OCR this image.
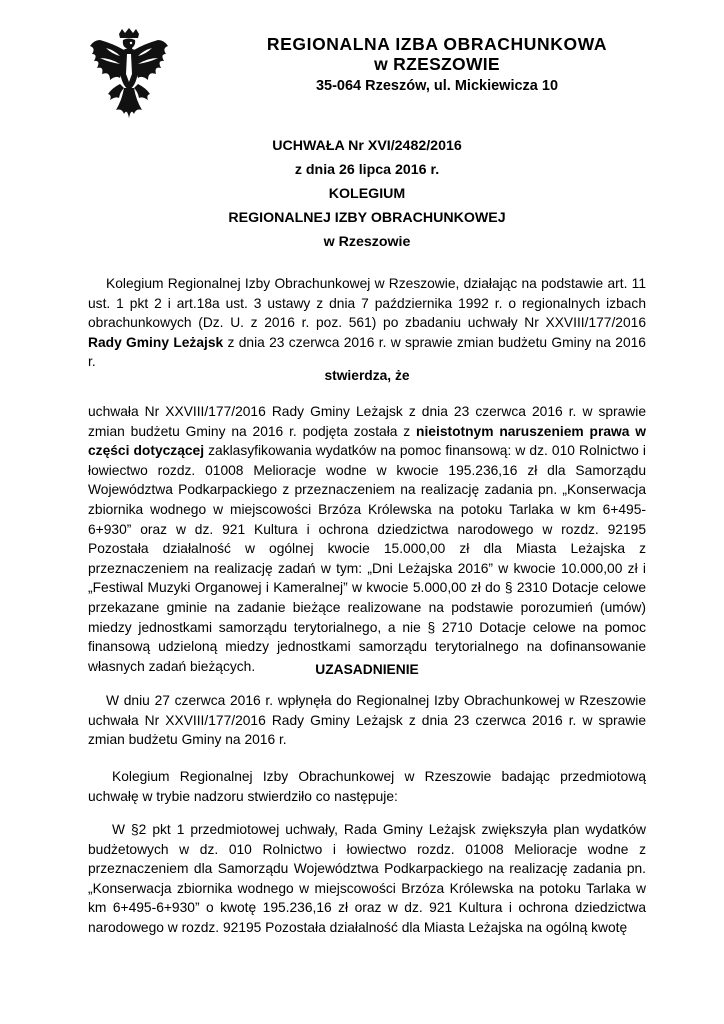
REGIONALNA IZBA OBRACHUNKOWA
w RZESZOWIE
35-064 Rzeszów, ul. Mickiewicza 10
UCHWAŁA Nr XVI/2482/2016
z dnia 26 lipca 2016 r.
KOLEGIUM
REGIONALNEJ IZBY OBRACHUNKOWEJ
w Rzeszowie
Kolegium Regionalnej Izby Obrachunkowej w Rzeszowie, działając na podstawie art. 11 ust. 1 pkt 2 i art.18a ust. 3 ustawy z dnia 7 października 1992 r. o regionalnych izbach obrachunkowych (Dz. U. z 2016 r. poz. 561) po zbadaniu uchwały Nr XXVIII/177/2016 Rady Gminy Leżajsk z dnia 23 czerwca 2016 r. w sprawie zmian budżetu Gminy na 2016 r.
stwierdza, że
uchwała Nr XXVIII/177/2016 Rady Gminy Leżajsk z dnia 23 czerwca 2016 r. w sprawie zmian budżetu Gminy na 2016 r. podjęta została z nieistotnym naruszeniem prawa w części dotyczącej zaklasyfikowania wydatków na pomoc finansową: w dz. 010 Rolnictwo i łowiectwo rozdz. 01008 Melioracje wodne w kwocie 195.236,16 zł dla Samorządu Województwa Podkarpackiego z przeznaczeniem na realizację zadania pn. „Konserwacja zbiornika wodnego w miejscowości Brzóza Królewska na potoku Tarlaka w km 6+495-6+930” oraz w dz. 921 Kultura i ochrona dziedzictwa narodowego w rozdz. 92195 Pozostała działalność w ogólnej kwocie 15.000,00 zł dla Miasta Leżajska z przeznaczeniem na realizację zadań w tym: „Dni Leżajska 2016” w kwocie 10.000,00 zł i „Festiwal Muzyki Organowej i Kameralnej” w kwocie 5.000,00 zł do § 2310 Dotacje celowe przekazane gminie na zadanie bieżące realizowane na podstawie porozumień (umów) miedzy jednostkami samorządu terytorialnego, a nie § 2710 Dotacje celowe na pomoc finansową udzieloną miedzy jednostkami samorządu terytorialnego na dofinansowanie własnych zadań bieżących.	UZASADNIENIE
W dniu 27 czerwca 2016 r. wpłynęła do Regionalnej Izby Obrachunkowej w Rzeszowie uchwała Nr XXVIII/177/2016 Rady Gminy Leżajsk z dnia 23 czerwca 2016 r. w sprawie zmian budżetu Gminy na 2016 r.
Kolegium Regionalnej Izby Obrachunkowej w Rzeszowie badając przedmiotową uchwałę w trybie nadzoru stwierdziło co następuje:
W §2 pkt 1 przedmiotowej uchwały, Rada Gminy Leżajsk zwiększyła plan wydatków budżetowych w dz. 010 Rolnictwo i łowiectwo rozdz. 01008 Melioracje wodne z przeznaczeniem dla Samorządu Województwa Podkarpackiego na realizację zadania pn. „Konserwacja zbiornika wodnego w miejscowości Brzóza Królewska na potoku Tarlaka w km 6+495-6+930” o kwotę 195.236,16 zł oraz w dz. 921 Kultura i ochrona dziedzictwa narodowego w rozdz. 92195 Pozostała działalność dla Miasta Leżajska na ogólną kwotę
